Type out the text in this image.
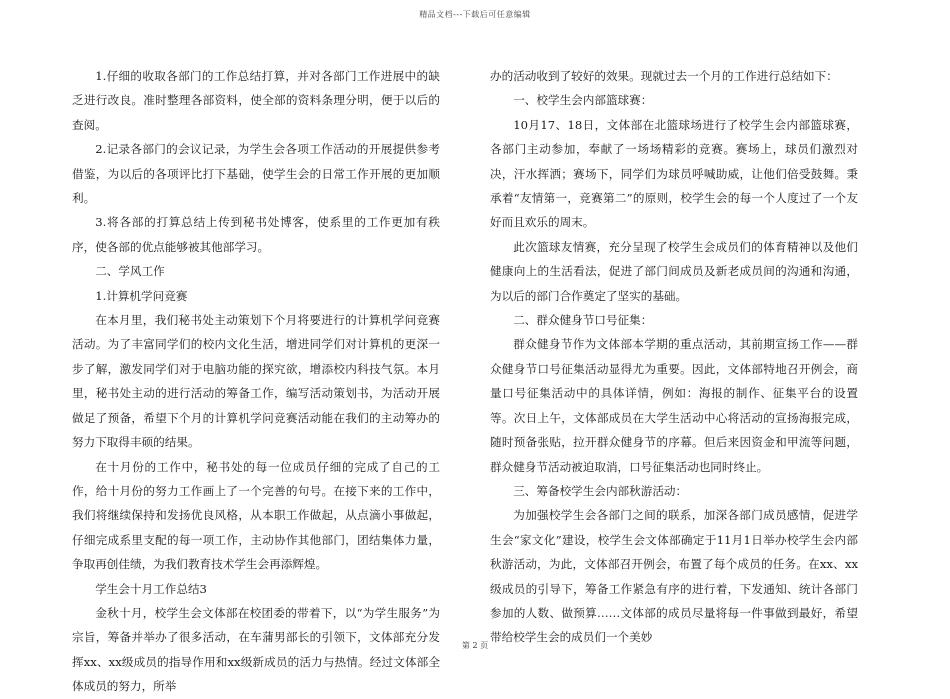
精品文档---下载后可任意编辑

1.仔细的收取各部门的工作总结打算，并对各部门工作进展中的缺乏进行改良。准时整理各部资料，使全部的资料条理分明，便于以后的查阅。

2.记录各部门的会议记录，为学生会各项工作活动的开展提供参考借鉴，为以后的各项评比打下基础，使学生会的日常工作开展的更加顺利。

3.将各部的打算总结上传到秘书处博客，使系里的工作更加有秩序，使各部的优点能够被其他部学习。

二、学风工作

1.计算机学问竞赛

在本月里，我们秘书处主动策划下个月将要进行的计算机学问竞赛活动。为了丰富同学们的校内文化生活，增进同学们对计算机的更深一步了解，激发同学们对于电脑功能的探究欲，增添校内科技气氛。本月里，秘书处主动的进行活动的筹备工作，编写活动策划书，为活动开展做足了预备，希望下个月的计算机学问竞赛活动能在我们的主动筹办的努力下取得丰硕的结果。

在十月份的工作中，秘书处的每一位成员仔细的完成了自己的工作，给十月份的努力工作画上了一个完善的句号。在接下来的工作中，我们将继续保持和发扬优良风格，从本职工作做起，从点滴小事做起，仔细完成系里支配的每一项工作，主动协作其他部门，团结集体力量，争取再创佳绩，为我们教育技术学生会再添辉煌。

学生会十月工作总结3

金秋十月，校学生会文体部在校团委的带着下，以“为学生服务”为宗旨，筹备并举办了很多活动，在车蒲男部长的引领下，文体部充分发挥xx、xx级成员的指导作用和xx级新成员的活力与热情。经过文体部全体成员的努力，所举

办的活动收到了较好的效果。现就过去一个月的工作进行总结如下：

一、校学生会内部篮球赛：

10月17、18日，文体部在北篮球场进行了校学生会内部篮球赛，各部门主动参加，奉献了一场场精彩的竞赛。赛场上，球员们激烈对决，汗水挥洒；赛场下，同学们为球员呼喊助威，让他们倍受鼓舞。秉承着“友情第一，竞赛第二”的原则，校学生会的每一个人度过了一个友好而且欢乐的周末。

此次篮球友情赛，充分呈现了校学生会成员们的体育精神以及他们健康向上的生活看法，促进了部门间成员及新老成员间的沟通和沟通，为以后的部门合作奠定了坚实的基础。

二、群众健身节口号征集：

群众健身节作为文体部本学期的重点活动，其前期宣扬工作——群众健身节口号征集活动显得尤为重要。因此，文体部特地召开例会，商量口号征集活动中的具体详情，例如：海报的制作、征集平台的设置等。次日上午，文体部成员在大学生活动中心将活动的宣扬海报完成，随时预备张贴，拉开群众健身节的序幕。但后来因资金和甲流等问题，群众健身节活动被迫取消，口号征集活动也同时终止。

三、筹备校学生会内部秋游活动：

为加强校学生会各部门之间的联系，加深各部门成员感情，促进学生会“家文化”建设，校学生会文体部确定于11月1日举办校学生会内部秋游活动，为此，文体部召开例会，布置了每个成员的任务。在xx、xx级成员的引导下，筹备工作紧急有序的进行着，下发通知、统计各部门参加的人数、做预算……文体部的成员尽量将每一件事做到最好，希望带给校学生会的成员们一个美妙

第 2 页
